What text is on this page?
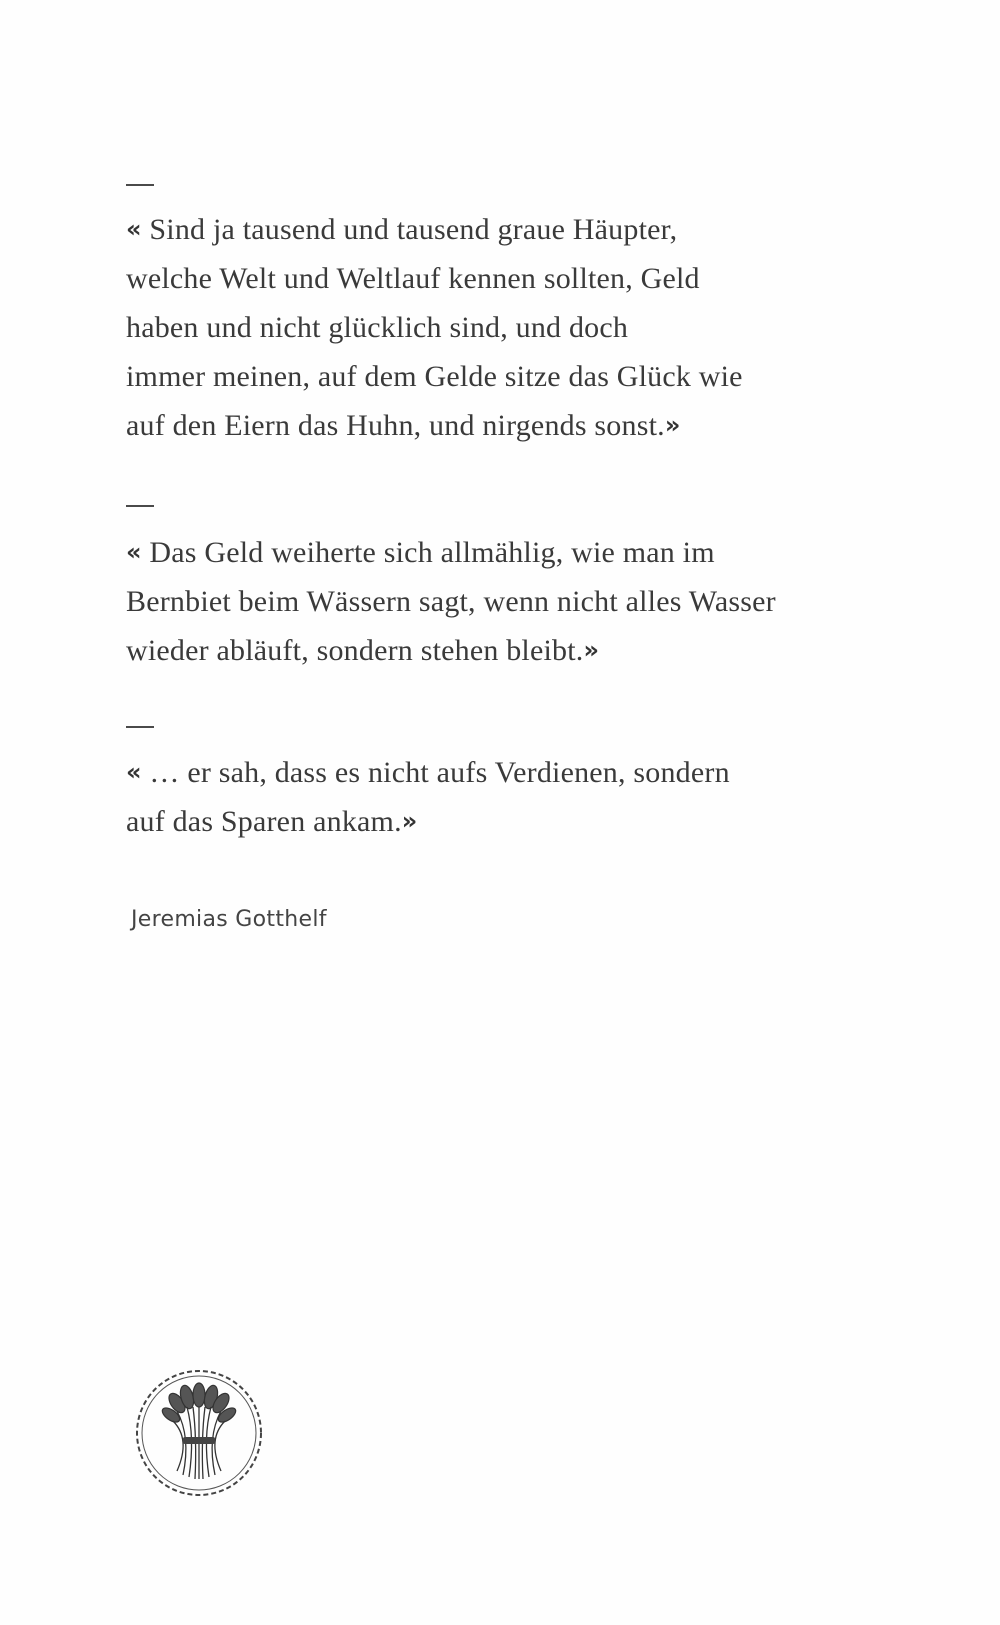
« Sind ja tausend und tausend graue Häupter,
welche Welt und Weltlauf kennen sollten, Geld
haben und nicht glücklich sind, und doch
immer meinen, auf dem Gelde sitze das Glück wie
auf den Eiern das Huhn, und nirgends sonst.»
« Das Geld weiherte sich allmählig, wie man im
Bernbiet beim Wässern sagt, wenn nicht alles Wasser
wieder abläuft, sondern stehen bleibt.»
« … er sah, dass es nicht aufs Verdienen, sondern
auf das Sparen ankam.»
Jeremias Gotthelf
